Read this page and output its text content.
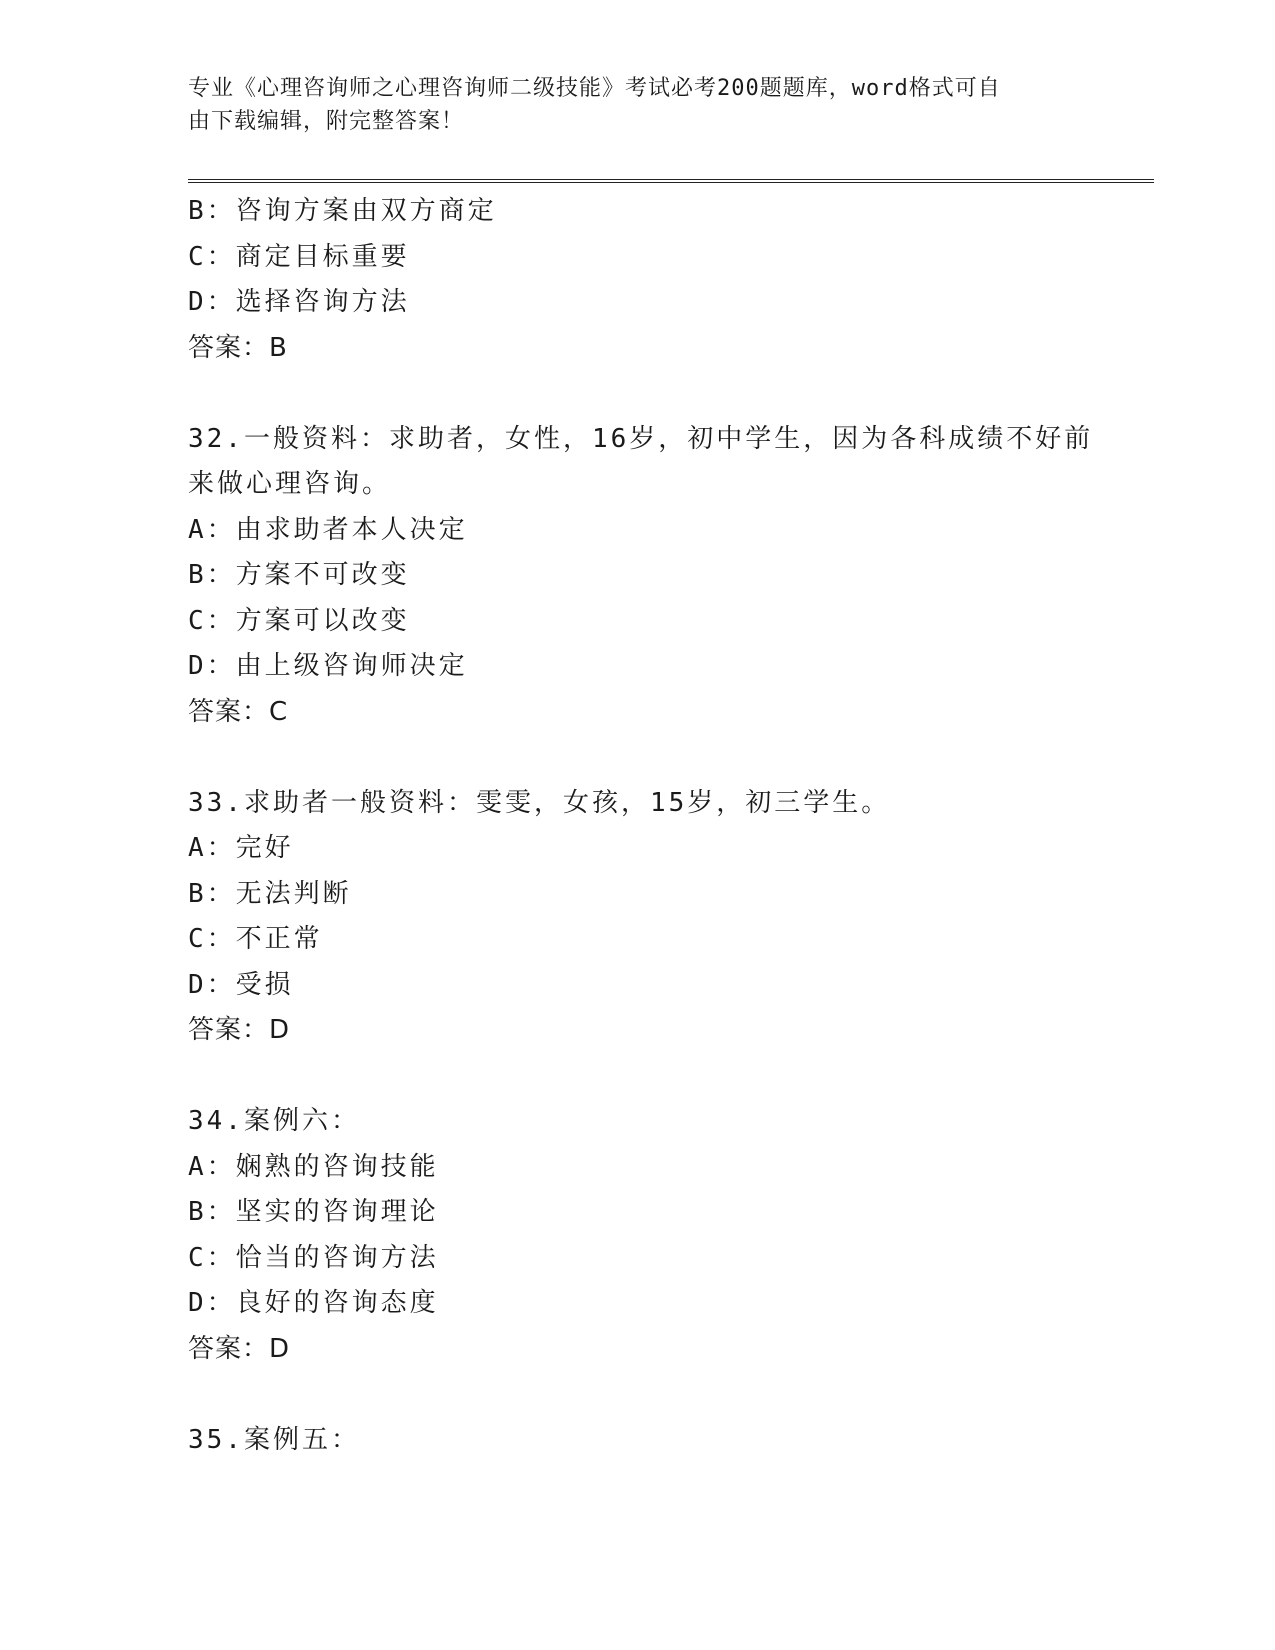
专业《心理咨询师之心理咨询师二级技能》考试必考200题题库，word格式可自
由下载编辑，附完整答案！
B：咨询方案由双方商定
C：商定目标重要
D：选择咨询方法
答案：B
32.一般资料：求助者，女性，16岁，初中学生，因为各科成绩不好前
来做心理咨询。
A：由求助者本人决定
B：方案不可改变
C：方案可以改变
D：由上级咨询师决定
答案：C
33.求助者一般资料：雯雯，女孩，15岁，初三学生。
A：完好
B：无法判断
C：不正常
D：受损
答案：D
34.案例六：
A：娴熟的咨询技能
B：坚实的咨询理论
C：恰当的咨询方法
D：良好的咨询态度
答案：D
35.案例五：
